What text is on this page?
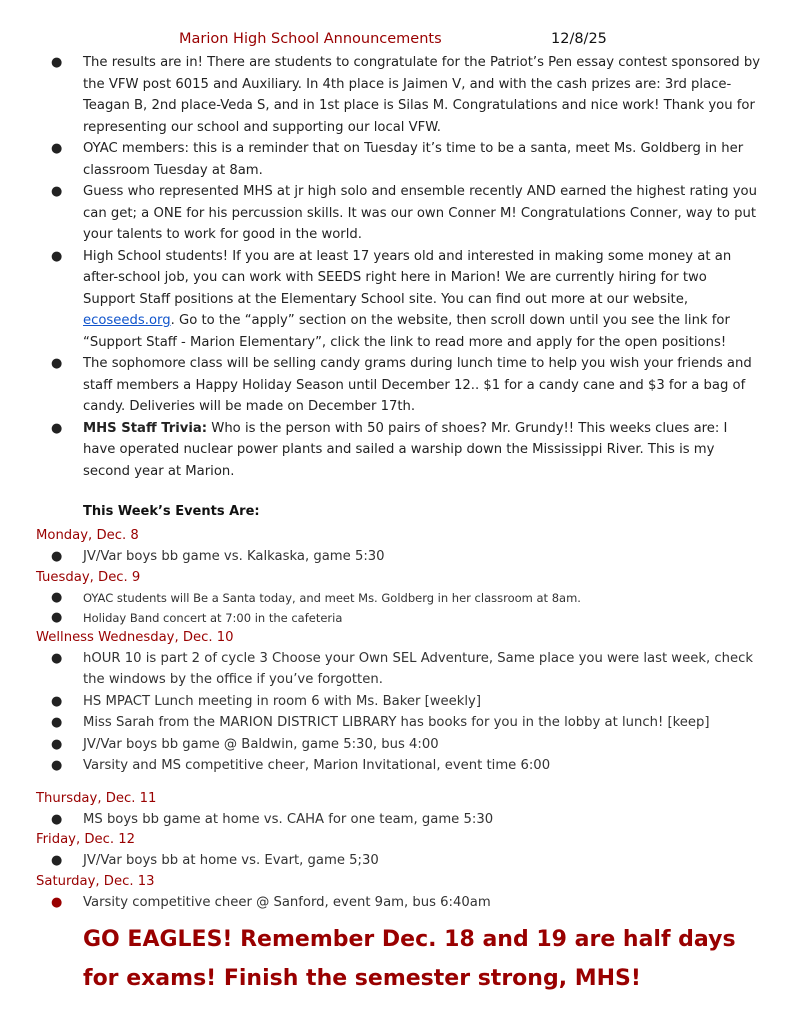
Marion High School Announcements	12/8/25
● The results are in! There are students to congratulate for the Patriot’s Pen essay contest sponsored by the VFW post 6015 and Auxiliary. In 4th place is Jaimen V, and with the cash prizes are: 3rd place-Teagan B, 2nd place-Veda S, and in 1st place is Silas M. Congratulations and nice work! Thank you for representing our school and supporting our local VFW.
● OYAC members: this is a reminder that on Tuesday it’s time to be a santa, meet Ms. Goldberg in her classroom Tuesday at 8am.
● Guess who represented MHS at jr high solo and ensemble recently AND earned the highest rating you can get; a ONE for his percussion skills. It was our own Conner M! Congratulations Conner, way to put your talents to work for good in the world.
● High School students! If you are at least 17 years old and interested in making some money at an after-school job, you can work with SEEDS right here in Marion! We are currently hiring for two Support Staff positions at the Elementary School site. You can find out more at our website, ecoseeds.org. Go to the “apply” section on the website, then scroll down until you see the link for “Support Staff - Marion Elementary”, click the link to read more and apply for the open positions!
● The sophomore class will be selling candy grams during lunch time to help you wish your friends and staff members a Happy Holiday Season until December 12.. $1 for a candy cane and $3 for a bag of candy. Deliveries will be made on December 17th.
● MHS Staff Trivia: Who is the person with 50 pairs of shoes? Mr. Grundy!! This weeks clues are: I have operated nuclear power plants and sailed a warship down the Mississippi River. This is my second year at Marion.
This Week’s Events Are:
Monday, Dec. 8
● JV/Var boys bb game vs. Kalkaska, game 5:30
Tuesday, Dec. 9
● OYAC students will Be a Santa today, and meet Ms. Goldberg in her classroom at 8am.
● Holiday Band concert at 7:00 in the cafeteria
Wellness Wednesday, Dec. 10
● hOUR 10 is part 2 of cycle 3 Choose your Own SEL Adventure, Same place you were last week, check the windows by the office if you’ve forgotten.
● HS MPACT Lunch meeting in room 6 with Ms. Baker [weekly]
● Miss Sarah from the MARION DISTRICT LIBRARY has books for you in the lobby at lunch! [keep]
● JV/Var boys bb game @ Baldwin, game 5:30, bus 4:00
● Varsity and MS competitive cheer, Marion Invitational, event time 6:00
Thursday, Dec. 11
● MS boys bb game at home vs. CAHA for one team, game 5:30
Friday, Dec. 12
● JV/Var boys bb at home vs. Evart, game 5;30
Saturday, Dec. 13
● Varsity competitive cheer @ Sanford, event 9am, bus 6:40am
GO EAGLES! Remember Dec. 18 and 19 are half days for exams! Finish the semester strong, MHS!
